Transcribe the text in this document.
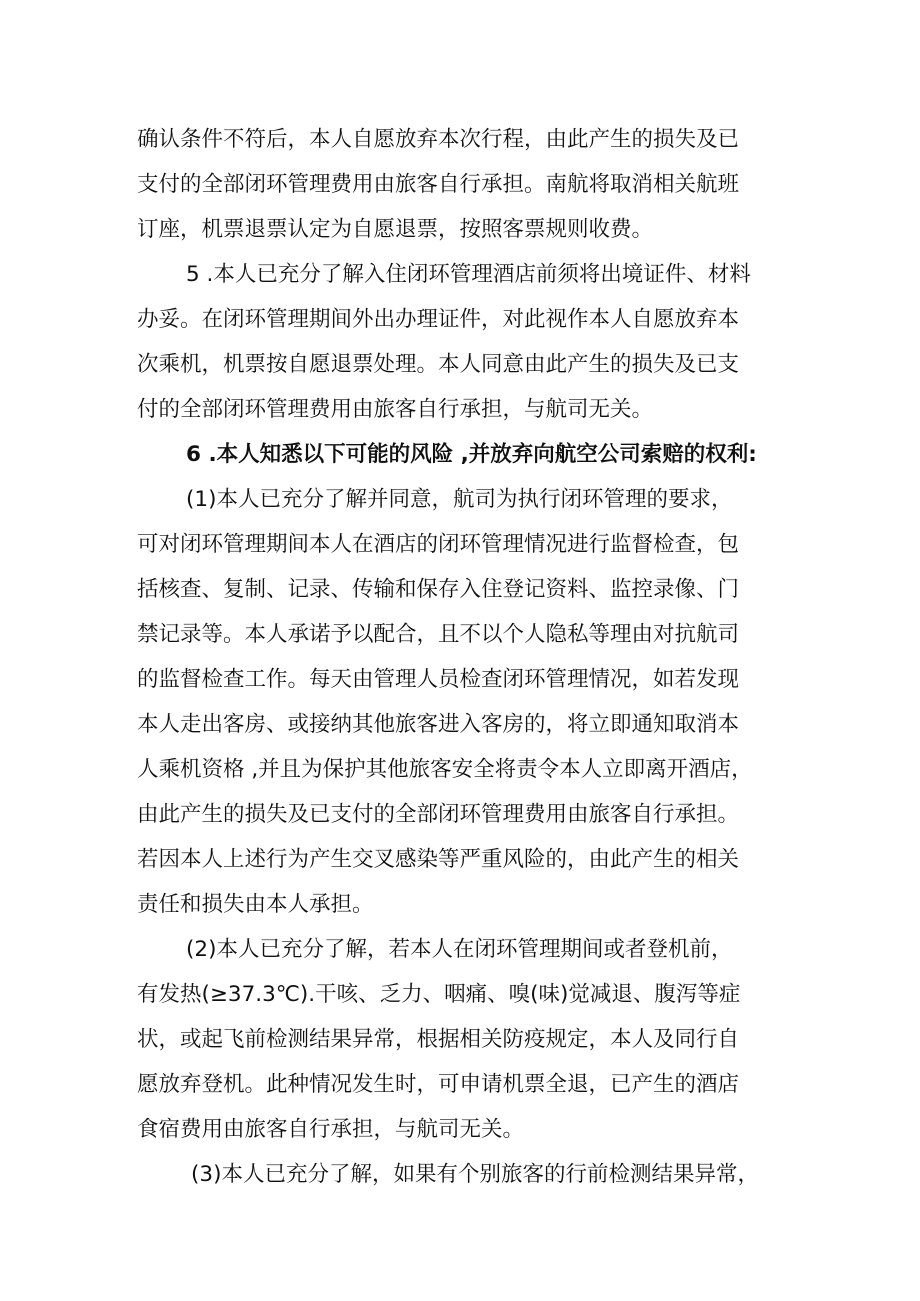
确认条件不符后，本人自愿放弃本次行程，由此产生的损失及已
支付的全部闭环管理费用由旅客自行承担。南航将取消相关航班
订座，机票退票认定为自愿退票，按照客票规则收费。
5 .本人已充分了解入住闭环管理酒店前须将出境证件、材料
办妥。在闭环管理期间外出办理证件，对此视作本人自愿放弃本
次乘机，机票按自愿退票处理。本人同意由此产生的损失及已支
付的全部闭环管理费用由旅客自行承担，与航司无关。
6 .本人知悉以下可能的风险 ,并放弃向航空公司索赔的权利:
(1)本人已充分了解并同意，航司为执行闭环管理的要求，
可对闭环管理期间本人在酒店的闭环管理情况进行监督检查，包
括核查、复制、记录、传输和保存入住登记资料、监控录像、门
禁记录等。本人承诺予以配合，且不以个人隐私等理由对抗航司
的监督检查工作。每天由管理人员检查闭环管理情况，如若发现
本人走出客房、或接纳其他旅客进入客房的，将立即通知取消本
人乘机资格 ,并且为保护其他旅客安全将责令本人立即离开酒店，
由此产生的损失及已支付的全部闭环管理费用由旅客自行承担。
若因本人上述行为产生交叉感染等严重风险的，由此产生的相关
责任和损失由本人承担。
(2)本人已充分了解，若本人在闭环管理期间或者登机前，
有发热(≥37.3℃).干咳、乏力、咽痛、嗅(味)觉减退、腹泻等症
状，或起飞前检测结果异常，根据相关防疫规定，本人及同行自
愿放弃登机。此种情况发生时，可申请机票全退，已产生的酒店
食宿费用由旅客自行承担，与航司无关。
(3)本人已充分了解，如果有个别旅客的行前检测结果异常，
